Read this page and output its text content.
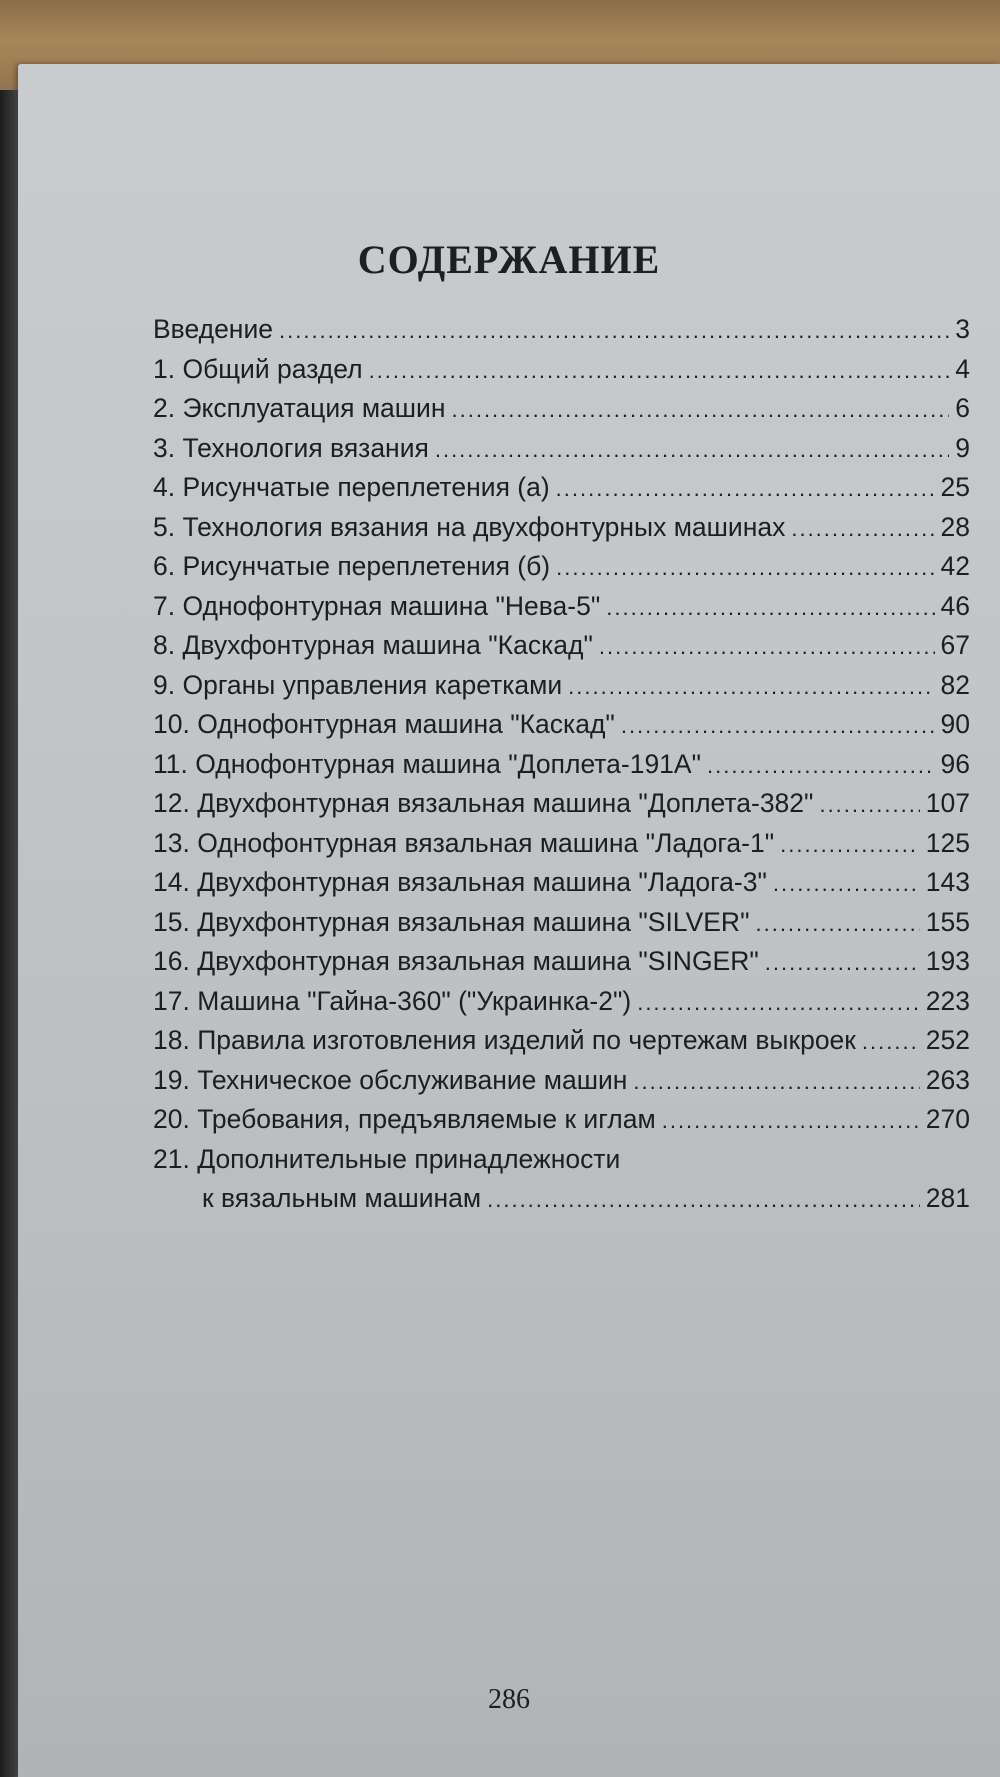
СОДЕРЖАНИЕ
Введение .....	3
1. Общий раздел .....	4
2. Эксплуатация машин .....	6
3. Технология вязания .....	9
4. Рисунчатые переплетения (а) .....	25
5. Технология вязания на двухфонтурных машинах .....	28
6. Рисунчатые переплетения (б) .....	42
7. Однофонтурная машина "Нева-5" .....	46
8. Двухфонтурная машина "Каскад" .....	67
9. Органы управления каретками .....	82
10. Однофонтурная машина "Каскад" .....	90
11. Однофонтурная машина "Доплета-191А" .....	96
12. Двухфонтурная вязальная машина "Доплета-382" .....	107
13. Однофонтурная вязальная машина "Ладога-1" .....	125
14. Двухфонтурная вязальная машина "Ладога-3" .....	143
15. Двухфонтурная вязальная машина "SILVER" .....	155
16. Двухфонтурная вязальная машина "SINGER" .....	193
17. Машина "Гайна-360" ("Украинка-2") .....	223
18. Правила изготовления изделий по чертежам выкроек .....	252
19. Техническое обслуживание машин .....	263
20. Требования, предъявляемые к иглам .....	270
21. Дополнительные принадлежности
к вязальным машинам .....	281
286
